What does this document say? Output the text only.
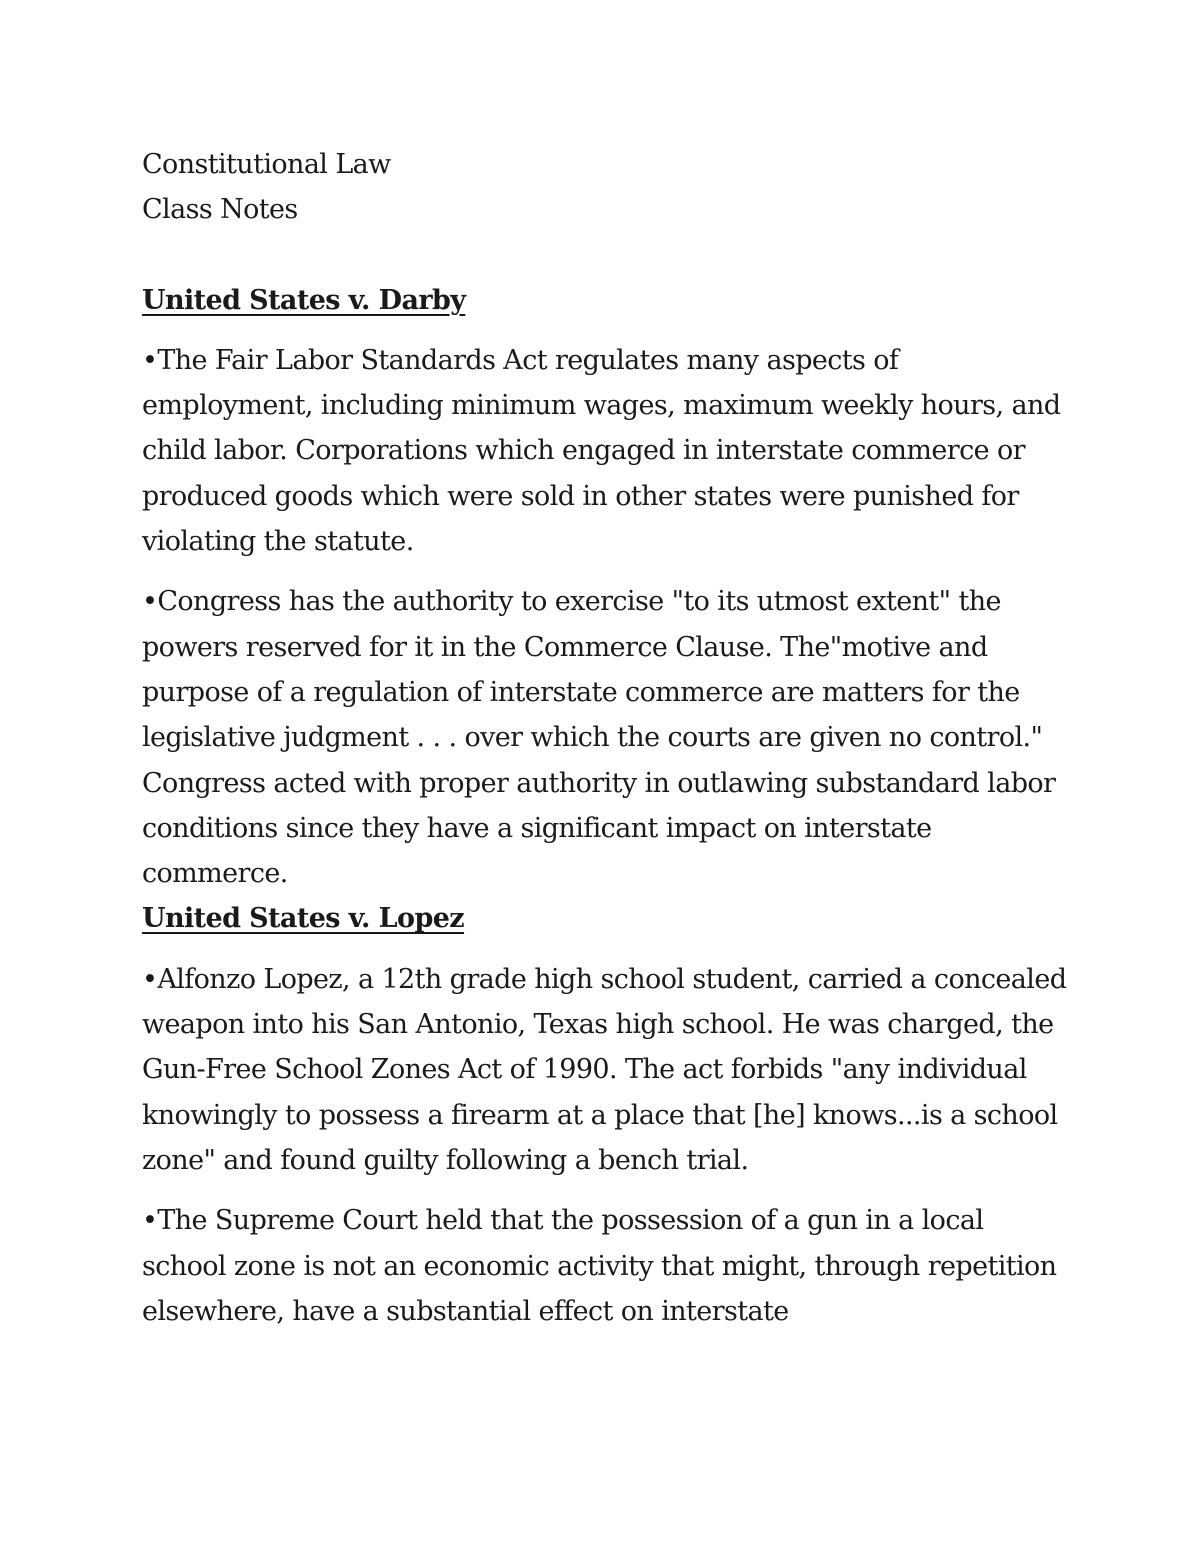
Constitutional Law
Class Notes

United States v. Darby

•The Fair Labor Standards Act regulates many aspects of employment, including minimum wages, maximum weekly hours, and child labor. Corporations which engaged in interstate commerce or produced goods which were sold in other states were punished for violating the statute.

•Congress has the authority to exercise "to its utmost extent" the powers reserved for it in the Commerce Clause. The"motive and purpose of a regulation of interstate commerce are matters for the legislative judgment . . . over which the courts are given no control." Congress acted with proper authority in outlawing substandard labor conditions since they have a significant impact on interstate commerce.

United States v. Lopez

•Alfonzo Lopez, a 12th grade high school student, carried a concealed weapon into his San Antonio, Texas high school. He was charged, the Gun-Free School Zones Act of 1990. The act forbids "any individual knowingly to possess a firearm at a place that [he] knows...is a school zone" and found guilty following a bench trial.

•The Supreme Court held that the possession of a gun in a local school zone is not an economic activity that might, through repetition elsewhere, have a substantial effect on interstate
